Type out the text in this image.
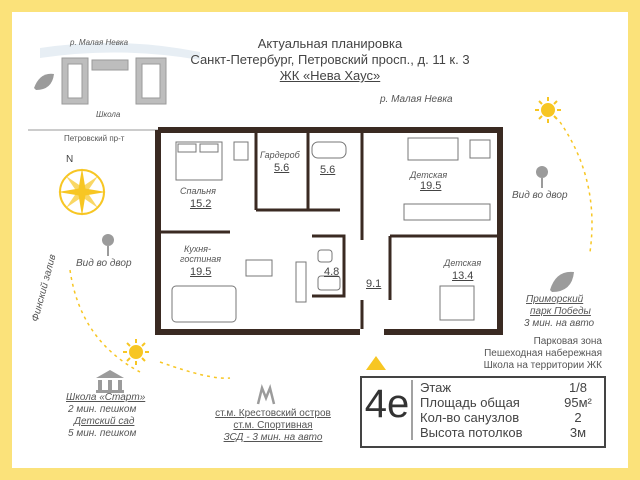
Актуальная планировка
Санкт-Петербург, Петровский просп., д. 11 к. 3
ЖК «Нева Хаус»
р. Малая Невка
р. Малая Невка
Школа
Петровский пр-т
N
Финский залив
Спальня
15.2
Гардероб
5.6	5.6	Детская
19.5
Кухня-
гостиная
19.5	4.8
9.1
Детская
13.4
Вид во двор
Вид во двор
Приморский
парк Победы
3 мин. на авто
Парковая зона
Пешеходная набережная
Школа на территории ЖК
Школа «Старт»
2 мин. пешком
Детский сад
5 мин. пешком
ст.м. Крестовский остров
ст.м. Спортивная
ЗСД - 3 мин. на авто
4е Этаж	1/8
Площадь общая	95м²
Кол-во санузлов	2
Высота потолков	3м
